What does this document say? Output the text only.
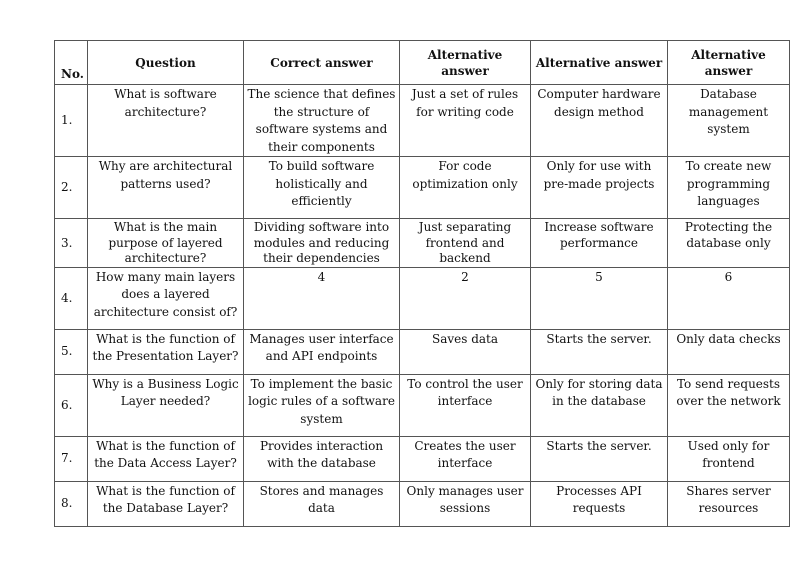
No.	Question	Correct answer	Alternative answer	Alternative answer	Alternative answer
1.	What is software architecture?	The science that defines the structure of software systems and their components	Just a set of rules for writing code	Computer hardware design method	Database management system
2.	Why are architectural patterns used?	To build software holistically and efficiently	For code optimization only	Only for use with pre-made projects	To create new programming languages
3.	What is the main purpose of layered architecture?	Dividing software into modules and reducing their dependencies	Just separating frontend and backend	Increase software performance	Protecting the database only
4.	How many main layers does a layered architecture consist of?	4	2	5	6
5.	What is the function of the Presentation Layer?	Manages user interface and API endpoints	Saves data	Starts the server.	Only data checks
6.	Why is a Business Logic Layer needed?	To implement the basic logic rules of a software system	To control the user interface	Only for storing data in the database	To send requests over the network
7.	What is the function of the Data Access Layer?	Provides interaction with the database	Creates the user interface	Starts the server.	Used only for frontend
8.	What is the function of the Database Layer?	Stores and manages data	Only manages user sessions	Processes API requests	Shares server resources
